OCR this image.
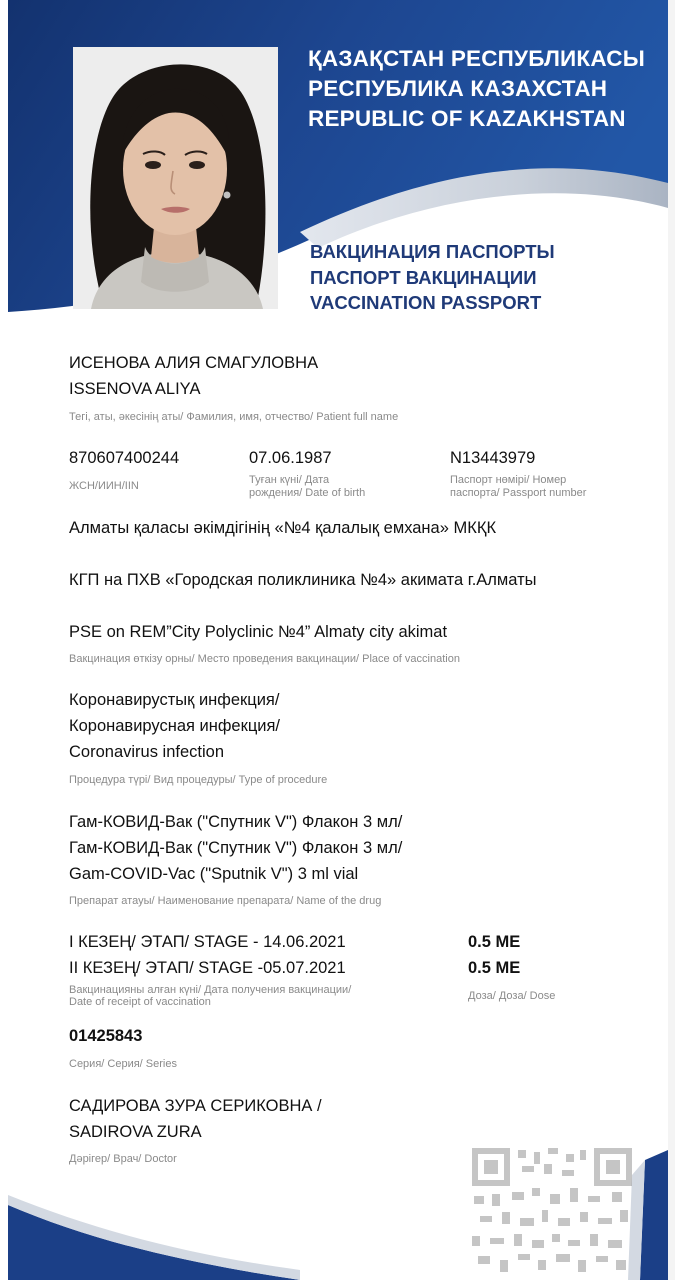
ҚАЗАҚСТАН РЕСПУБЛИКАСЫ
РЕСПУБЛИКА КАЗАХСТАН
REPUBLIC OF KAZAKHSTAN
ВАКЦИНАЦИЯ ПАСПОРТЫ
ПАСПОРТ ВАКЦИНАЦИИ
VACCINATION PASSPORT
ИСЕНОВА АЛИЯ СМАГУЛОВНА
ISSENOVA ALIYA
Тегі, аты, әкесінің аты/ Фамилия, имя, отчество/ Patient full name
870607400244
ЖСН/ИИН/IIN
07.06.1987
Туған күні/ Дата
рождения/ Date of birth
N13443979
Паспорт нөмірі/ Номер
паспорта/ Passport number
Алматы қаласы әкімдігінің «№4 қалалық емхана» МКҚК
КГП на ПХВ «Городская поликлиника №4» акимата г.Алматы
PSE on REM”City Polyclinic №4” Almaty city akimat
Вакцинация өткізу орны/ Место проведения вакцинации/ Place of vaccination
Коронавирустық инфекция/
Коронавирусная инфекция/
Coronavirus infection
Процедура түрі/ Вид процедуры/ Type of procedure
Гам-КОВИД-Вак ("Спутник V") Флакон 3 мл/
Гам-КОВИД-Вак ("Спутник V") Флакон 3 мл/
Gam-COVID-Vac ("Sputnik V") 3 ml vial
Препарат атауы/ Наименование препарата/ Name of the drug
I КЕЗЕҢ/ ЭТАП/ STAGE - 14.06.2021
II КЕЗЕҢ/ ЭТАП/ STAGE -05.07.2021
0.5 МЕ
0.5 МЕ
Вакцинацияны алған күні/ Дата получения вакцинации/
Date of receipt of vaccination	Доза/ Доза/ Dose
01425843
Серия/ Серия/ Series
САДИРОВА ЗУРА СЕРИКОВНА /
SADIROVA ZURA
Дәрігер/ Врач/ Doctor
